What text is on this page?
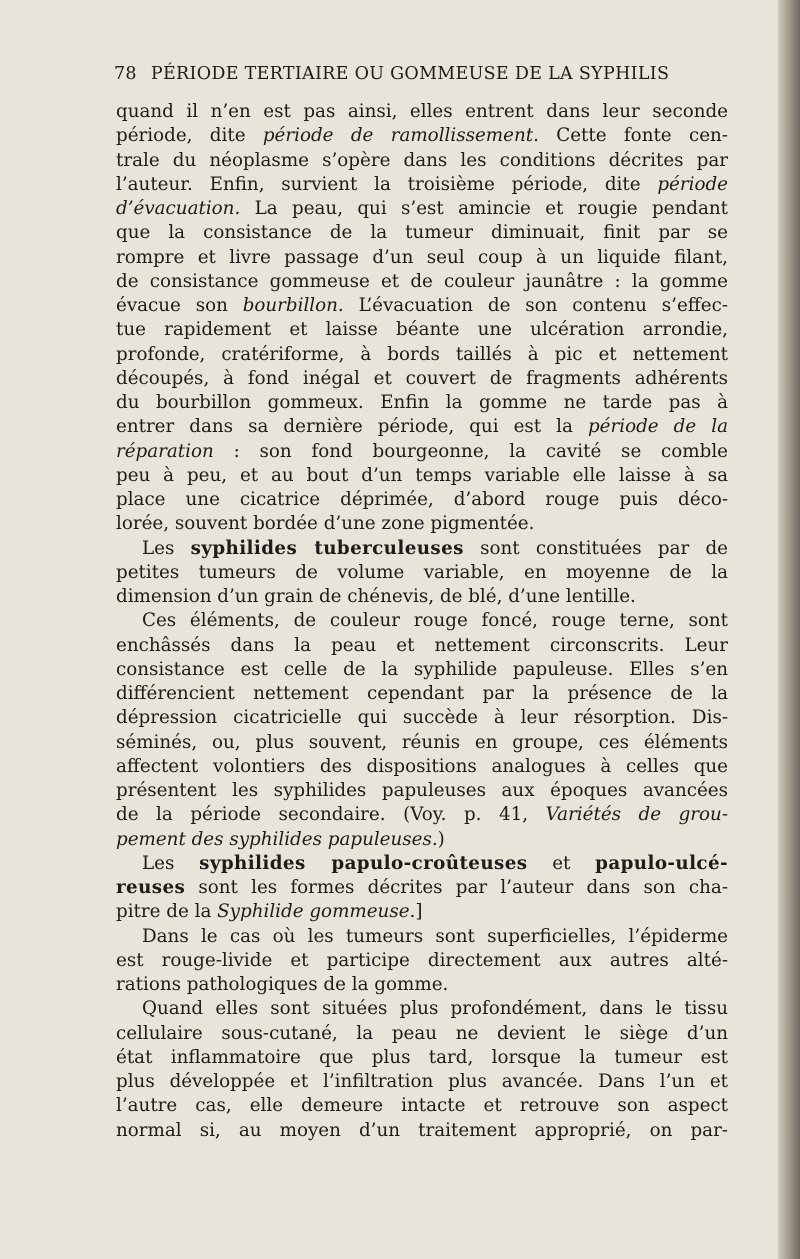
78 PÉRIODE TERTIAIRE OU GOMMEUSE DE LA SYPHILIS
quand il n’en est pas ainsi, elles entrent dans leur seconde
période, dite période de ramollissement. Cette fonte cen-
trale du néoplasme s’opère dans les conditions décrites par
l’auteur. Enfin, survient la troisième période, dite période
d’évacuation. La peau, qui s’est amincie et rougie pendant
que la consistance de la tumeur diminuait, finit par se
rompre et livre passage d’un seul coup à un liquide filant,
de consistance gommeuse et de couleur jaunâtre : la gomme
évacue son bourbillon. L’évacuation de son contenu s’effec-
tue rapidement et laisse béante une ulcération arrondie,
profonde, cratériforme, à bords taillés à pic et nettement
découpés, à fond inégal et couvert de fragments adhérents
du bourbillon gommeux. Enfin la gomme ne tarde pas à
entrer dans sa dernière période, qui est la période de la
réparation : son fond bourgeonne, la cavité se comble
peu à peu, et au bout d’un temps variable elle laisse à sa
place une cicatrice déprimée, d’abord rouge puis déco-
lorée, souvent bordée d’une zone pigmentée.
Les syphilides tuberculeuses sont constituées par de
petites tumeurs de volume variable, en moyenne de la
dimension d’un grain de chénevis, de blé, d’une lentille.
Ces éléments, de couleur rouge foncé, rouge terne, sont
enchâssés dans la peau et nettement circonscrits. Leur
consistance est celle de la syphilide papuleuse. Elles s’en
différencient nettement cependant par la présence de la
dépression cicatricielle qui succède à leur résorption. Dis-
séminés, ou, plus souvent, réunis en groupe, ces éléments
affectent volontiers des dispositions analogues à celles que
présentent les syphilides papuleuses aux époques avancées
de la période secondaire. (Voy. p. 41, Variétés de grou-
pement des syphilides papuleuses.)
Les syphilides papulo-croûteuses et papulo-ulcé-
reuses sont les formes décrites par l’auteur dans son cha-
pitre de la Syphilide gommeuse.]
Dans le cas où les tumeurs sont superficielles, l’épiderme
est rouge-livide et participe directement aux autres alté-
rations pathologiques de la gomme.
Quand elles sont situées plus profondément, dans le tissu
cellulaire sous-cutané, la peau ne devient le siège d’un
état inflammatoire que plus tard, lorsque la tumeur est
plus développée et l’infiltration plus avancée. Dans l’un et
l’autre cas, elle demeure intacte et retrouve son aspect
normal si, au moyen d’un traitement approprié, on par-
